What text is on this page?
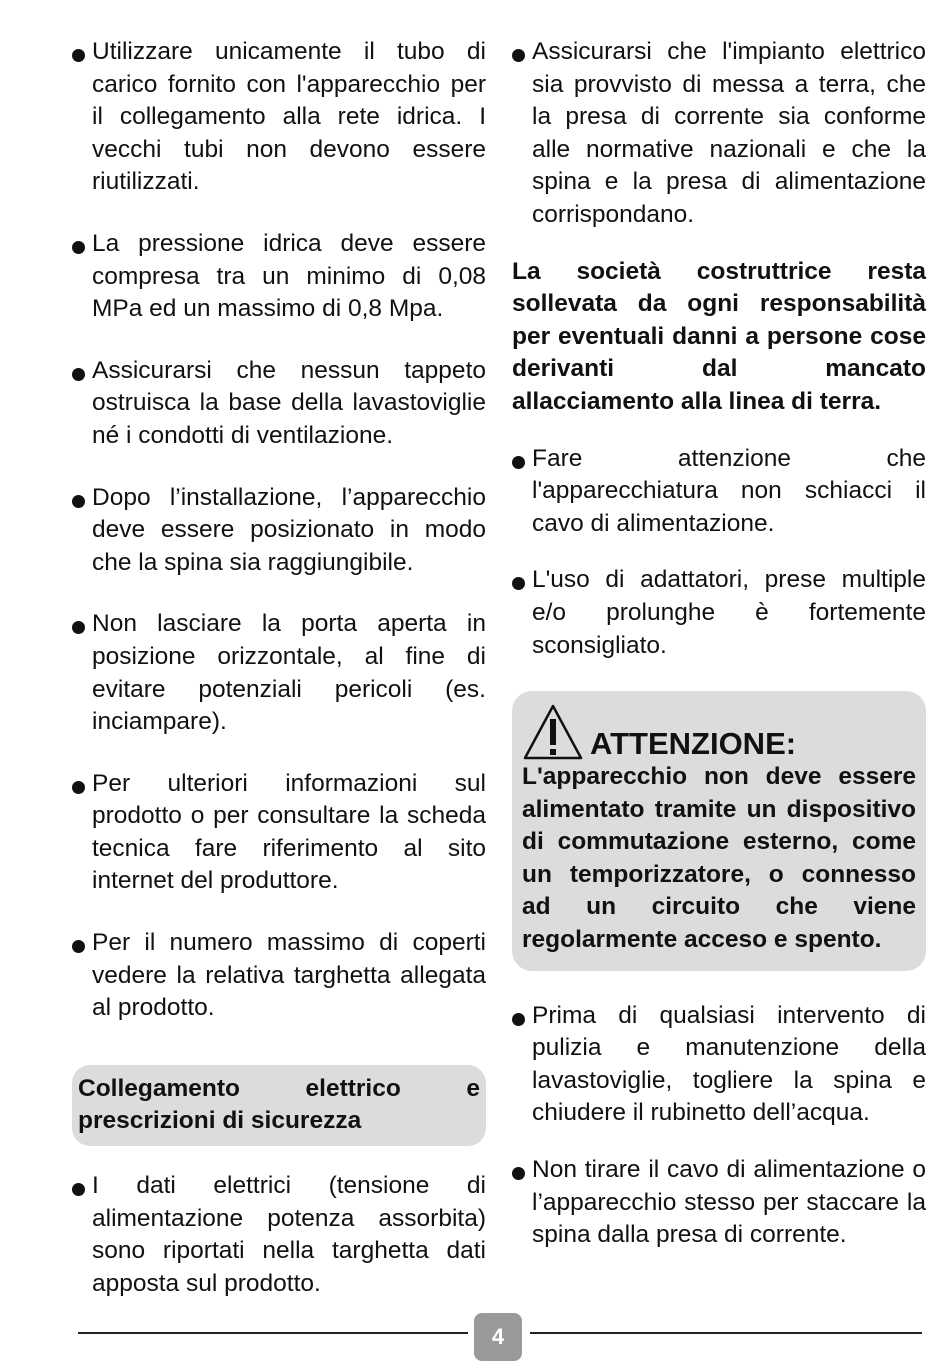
Utilizzare unicamente il tubo di carico fornito con l'apparecchio per il collegamento alla rete idrica. I vecchi tubi non devono essere riutilizzati.

La pressione idrica deve essere compresa tra un minimo di 0,08 MPa ed un massimo di 0,8 Mpa.

Assicurarsi che nessun tappeto ostruisca la base della lavastoviglie né i condotti di ventilazione.

Dopo l’installazione, l’apparecchio deve essere posizionato in modo che la spina sia raggiungibile.

Non lasciare la porta aperta in posizione orizzontale, al fine di evitare potenziali pericoli (es. inciampare).

Per ulteriori informazioni sul prodotto o per consultare la scheda tecnica fare riferimento al sito internet del produttore.

Per il numero massimo di coperti vedere la relativa targhetta allegata al prodotto.

Collegamento elettrico e prescrizioni di sicurezza

I dati elettrici (tensione di alimentazione potenza assorbita) sono riportati nella targhetta dati apposta sul prodotto.

Assicurarsi che l'impianto elettrico sia provvisto di messa a terra, che la presa di corrente sia conforme alle normative nazionali e che la spina e la presa di alimentazione corrispondano.

La società costruttrice resta sollevata da ogni responsabilità per eventuali danni a persone cose derivanti dal mancato allacciamento alla linea di terra.

Fare attenzione che l'apparecchiatura non schiacci il cavo di alimentazione.

L'uso di adattatori, prese multiple e/o prolunghe è fortemente sconsigliato.

ATTENZIONE:
L'apparecchio non deve essere alimentato tramite un dispositivo di commutazione esterno, come un temporizzatore, o connesso ad un circuito che viene regolarmente acceso e spento.

Prima di qualsiasi intervento di pulizia e manutenzione della lavastoviglie, togliere la spina e chiudere il rubinetto dell’acqua.

Non tirare il cavo di alimentazione o l’apparecchio stesso per staccare la spina dalla presa di corrente.

4
